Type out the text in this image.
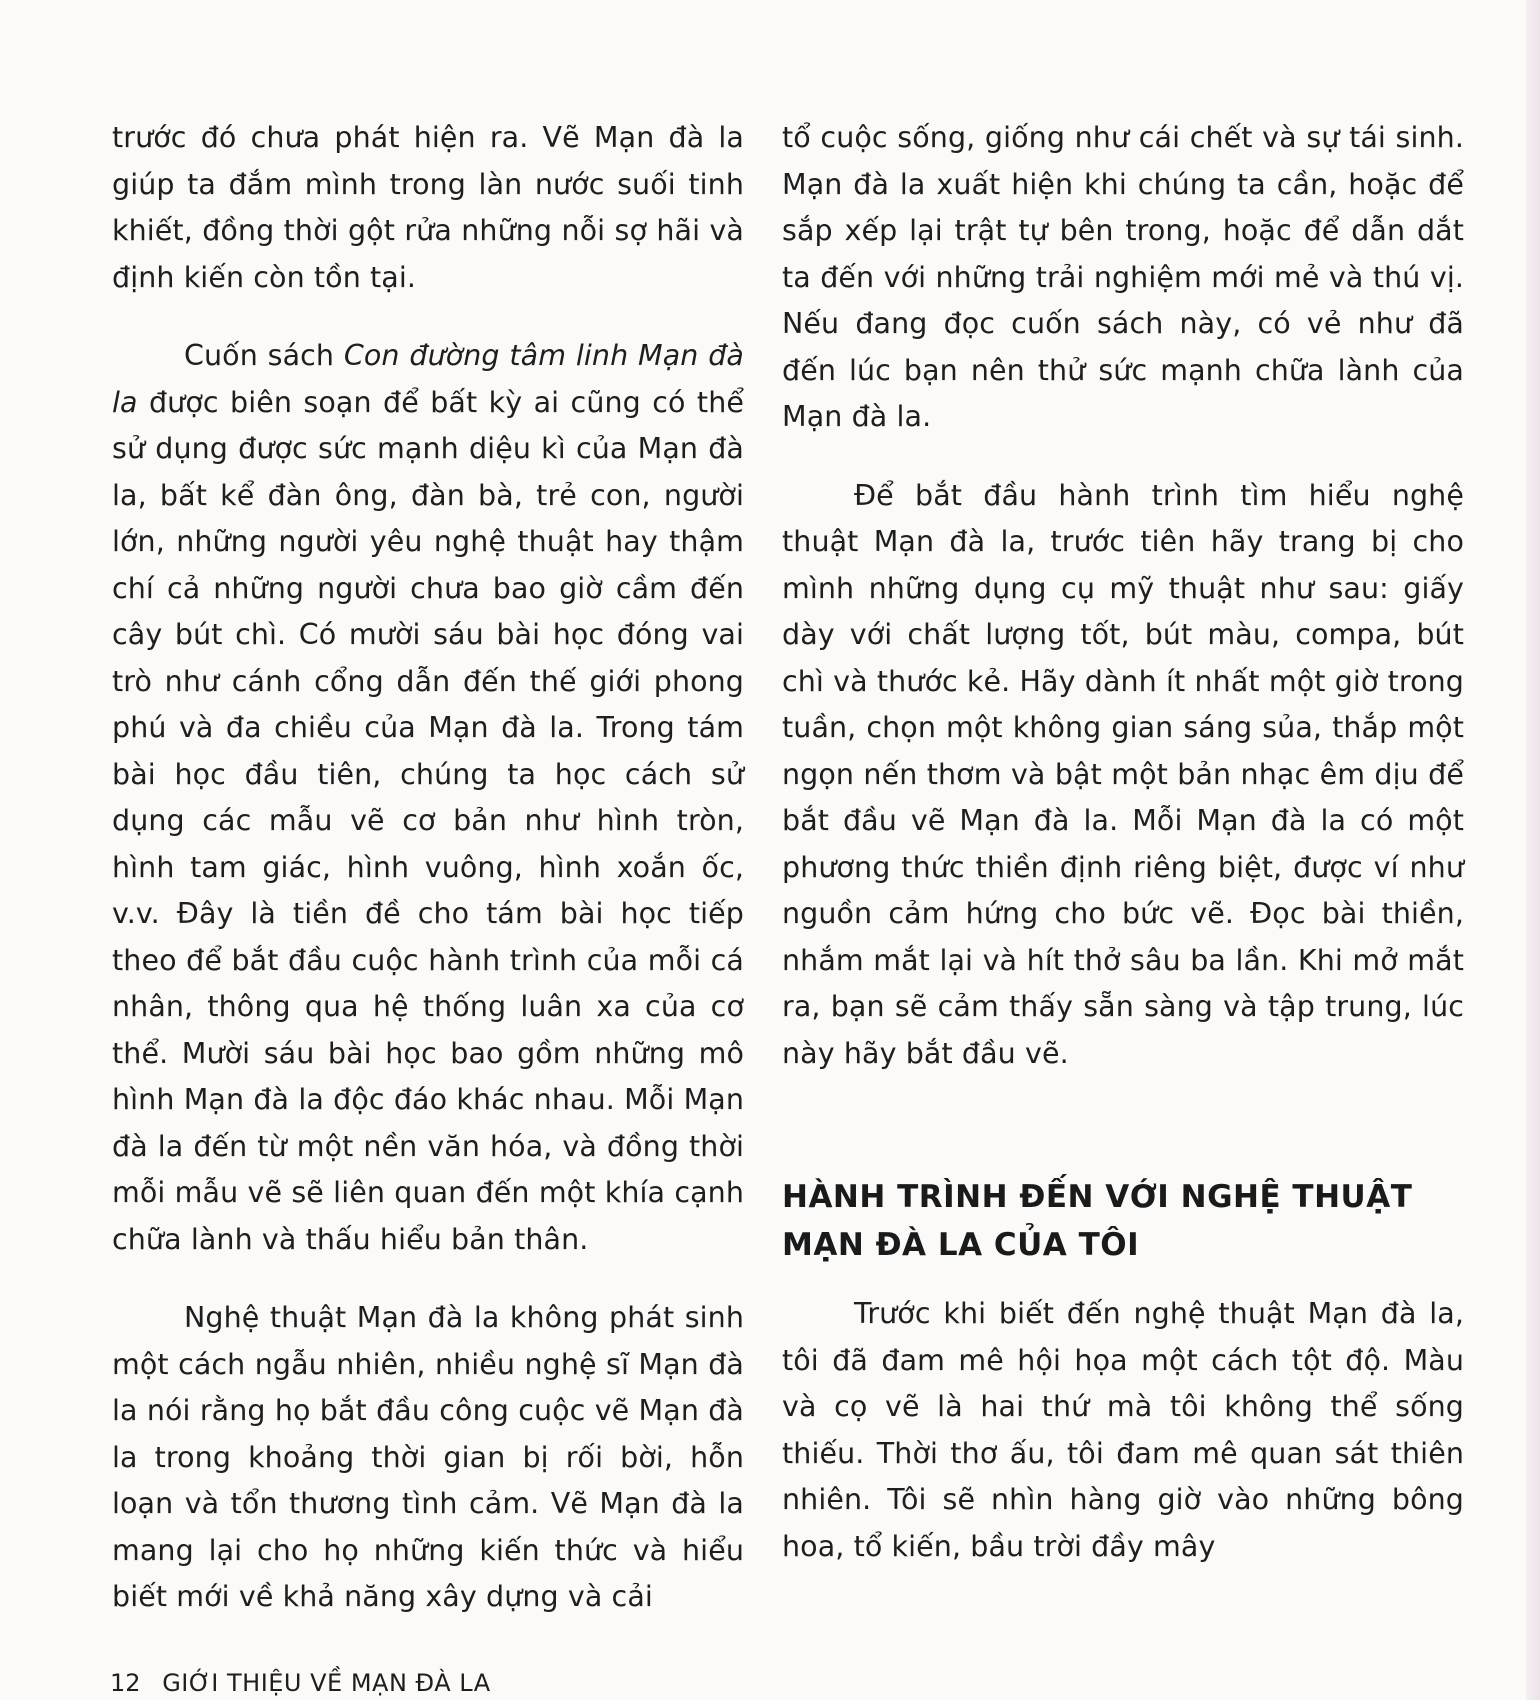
trước đó chưa phát hiện ra. Vẽ Mạn đà la giúp ta đắm mình trong làn nước suối tinh khiết, đồng thời gột rửa những nỗi sợ hãi và định kiến còn tồn tại.

Cuốn sách Con đường tâm linh Mạn đà la được biên soạn để bất kỳ ai cũng có thể sử dụng được sức mạnh diệu kì của Mạn đà la, bất kể đàn ông, đàn bà, trẻ con, người lớn, những người yêu nghệ thuật hay thậm chí cả những người chưa bao giờ cầm đến cây bút chì. Có mười sáu bài học đóng vai trò như cánh cổng dẫn đến thế giới phong phú và đa chiều của Mạn đà la. Trong tám bài học đầu tiên, chúng ta học cách sử dụng các mẫu vẽ cơ bản như hình tròn, hình tam giác, hình vuông, hình xoắn ốc, v.v. Đây là tiền đề cho tám bài học tiếp theo để bắt đầu cuộc hành trình của mỗi cá nhân, thông qua hệ thống luân xa của cơ thể. Mười sáu bài học bao gồm những mô hình Mạn đà la độc đáo khác nhau. Mỗi Mạn đà la đến từ một nền văn hóa, và đồng thời mỗi mẫu vẽ sẽ liên quan đến một khía cạnh chữa lành và thấu hiểu bản thân.

Nghệ thuật Mạn đà la không phát sinh một cách ngẫu nhiên, nhiều nghệ sĩ Mạn đà la nói rằng họ bắt đầu công cuộc vẽ Mạn đà la trong khoảng thời gian bị rối bời, hỗn loạn và tổn thương tình cảm. Vẽ Mạn đà la mang lại cho họ những kiến thức và hiểu biết mới về khả năng xây dựng và cải

tổ cuộc sống, giống như cái chết và sự tái sinh. Mạn đà la xuất hiện khi chúng ta cần, hoặc để sắp xếp lại trật tự bên trong, hoặc để dẫn dắt ta đến với những trải nghiệm mới mẻ và thú vị. Nếu đang đọc cuốn sách này, có vẻ như đã đến lúc bạn nên thử sức mạnh chữa lành của Mạn đà la.

Để bắt đầu hành trình tìm hiểu nghệ thuật Mạn đà la, trước tiên hãy trang bị cho mình những dụng cụ mỹ thuật như sau: giấy dày với chất lượng tốt, bút màu, compa, bút chì và thước kẻ. Hãy dành ít nhất một giờ trong tuần, chọn một không gian sáng sủa, thắp một ngọn nến thơm và bật một bản nhạc êm dịu để bắt đầu vẽ Mạn đà la. Mỗi Mạn đà la có một phương thức thiền định riêng biệt, được ví như nguồn cảm hứng cho bức vẽ. Đọc bài thiền, nhắm mắt lại và hít thở sâu ba lần. Khi mở mắt ra, bạn sẽ cảm thấy sẵn sàng và tập trung, lúc này hãy bắt đầu vẽ.

HÀNH TRÌNH ĐẾN VỚI NGHỆ THUẬT MẠN ĐÀ LA CỦA TÔI

Trước khi biết đến nghệ thuật Mạn đà la, tôi đã đam mê hội họa một cách tột độ. Màu và cọ vẽ là hai thứ mà tôi không thể sống thiếu. Thời thơ ấu, tôi đam mê quan sát thiên nhiên. Tôi sẽ nhìn hàng giờ vào những bông hoa, tổ kiến, bầu trời đầy mây

12 GIỚI THIỆU VỀ MẠN ĐÀ LA
